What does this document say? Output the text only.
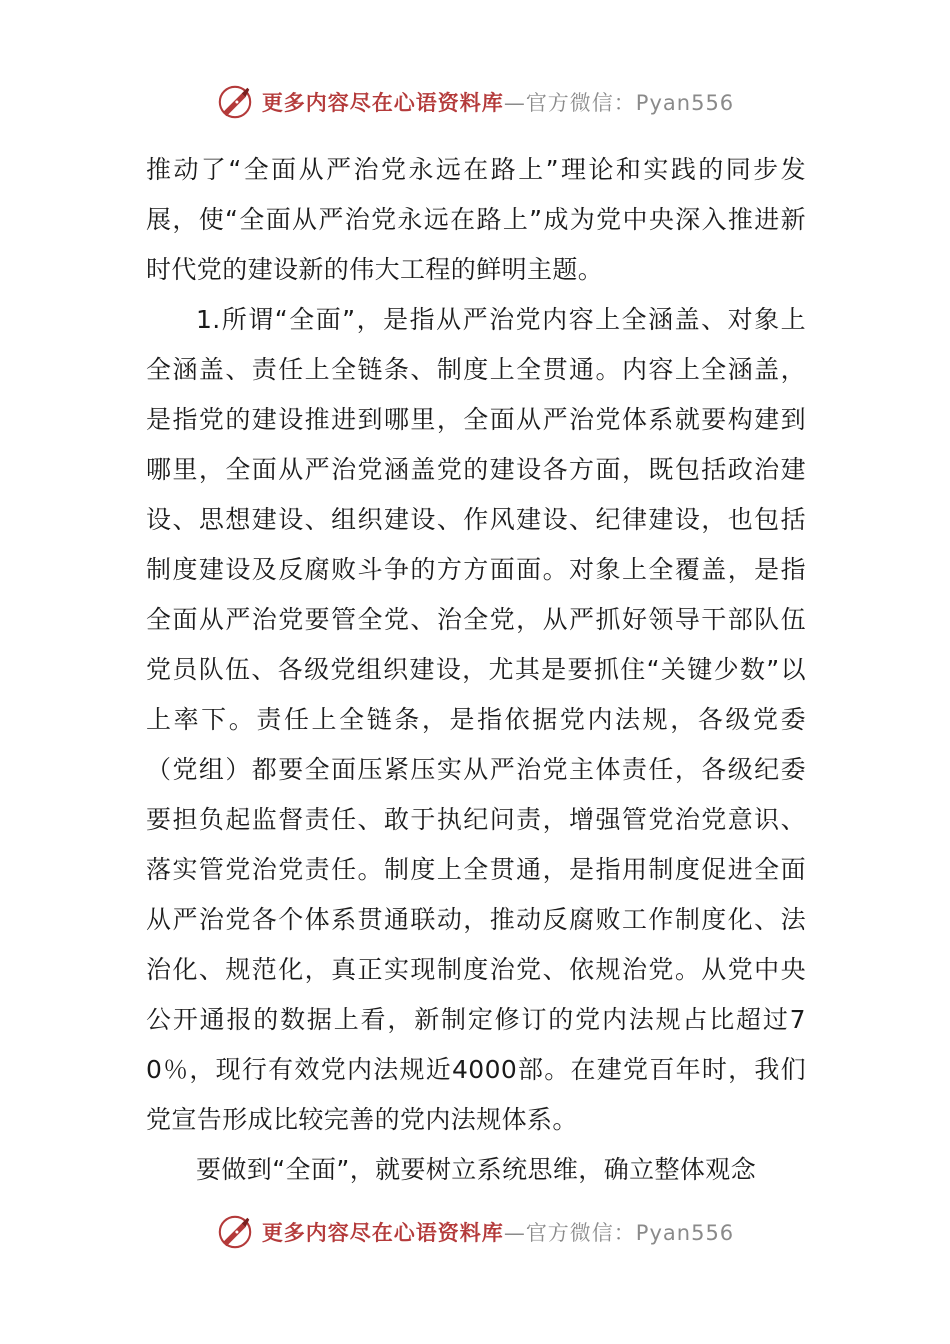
更多内容尽在心语资料库 — 官方微信：Pyan556

推动了“全面从严治党永远在路上”理论和实践的同步发展，使“全面从严治党永远在路上”成为党中央深入推进新时代党的建设新的伟大工程的鲜明主题。

1.所谓“全面”，是指从严治党内容上全涵盖、对象上全涵盖、责任上全链条、制度上全贯通。内容上全涵盖，是指党的建设推进到哪里，全面从严治党体系就要构建到哪里，全面从严治党涵盖党的建设各方面，既包括政治建设、思想建设、组织建设、作风建设、纪律建设，也包括制度建设及反腐败斗争的方方面面。对象上全覆盖，是指全面从严治党要管全党、治全党，从严抓好领导干部队伍党员队伍、各级党组织建设，尤其是要抓住“关键少数”以上率下。责任上全链条，是指依据党内法规，各级党委（党组）都要全面压紧压实从严治党主体责任，各级纪委要担负起监督责任、敢于执纪问责，增强管党治党意识、落实管党治党责任。制度上全贯通，是指用制度促进全面从严治党各个体系贯通联动，推动反腐败工作制度化、法治化、规范化，真正实现制度治党、依规治党。从党中央公开通报的数据上看，新制定修订的党内法规占比超过70％，现行有效党内法规近4000部。在建党百年时，我们党宣告形成比较完善的党内法规体系。

要做到“全面”，就要树立系统思维，确立整体观念

更多内容尽在心语资料库 — 官方微信：Pyan556
